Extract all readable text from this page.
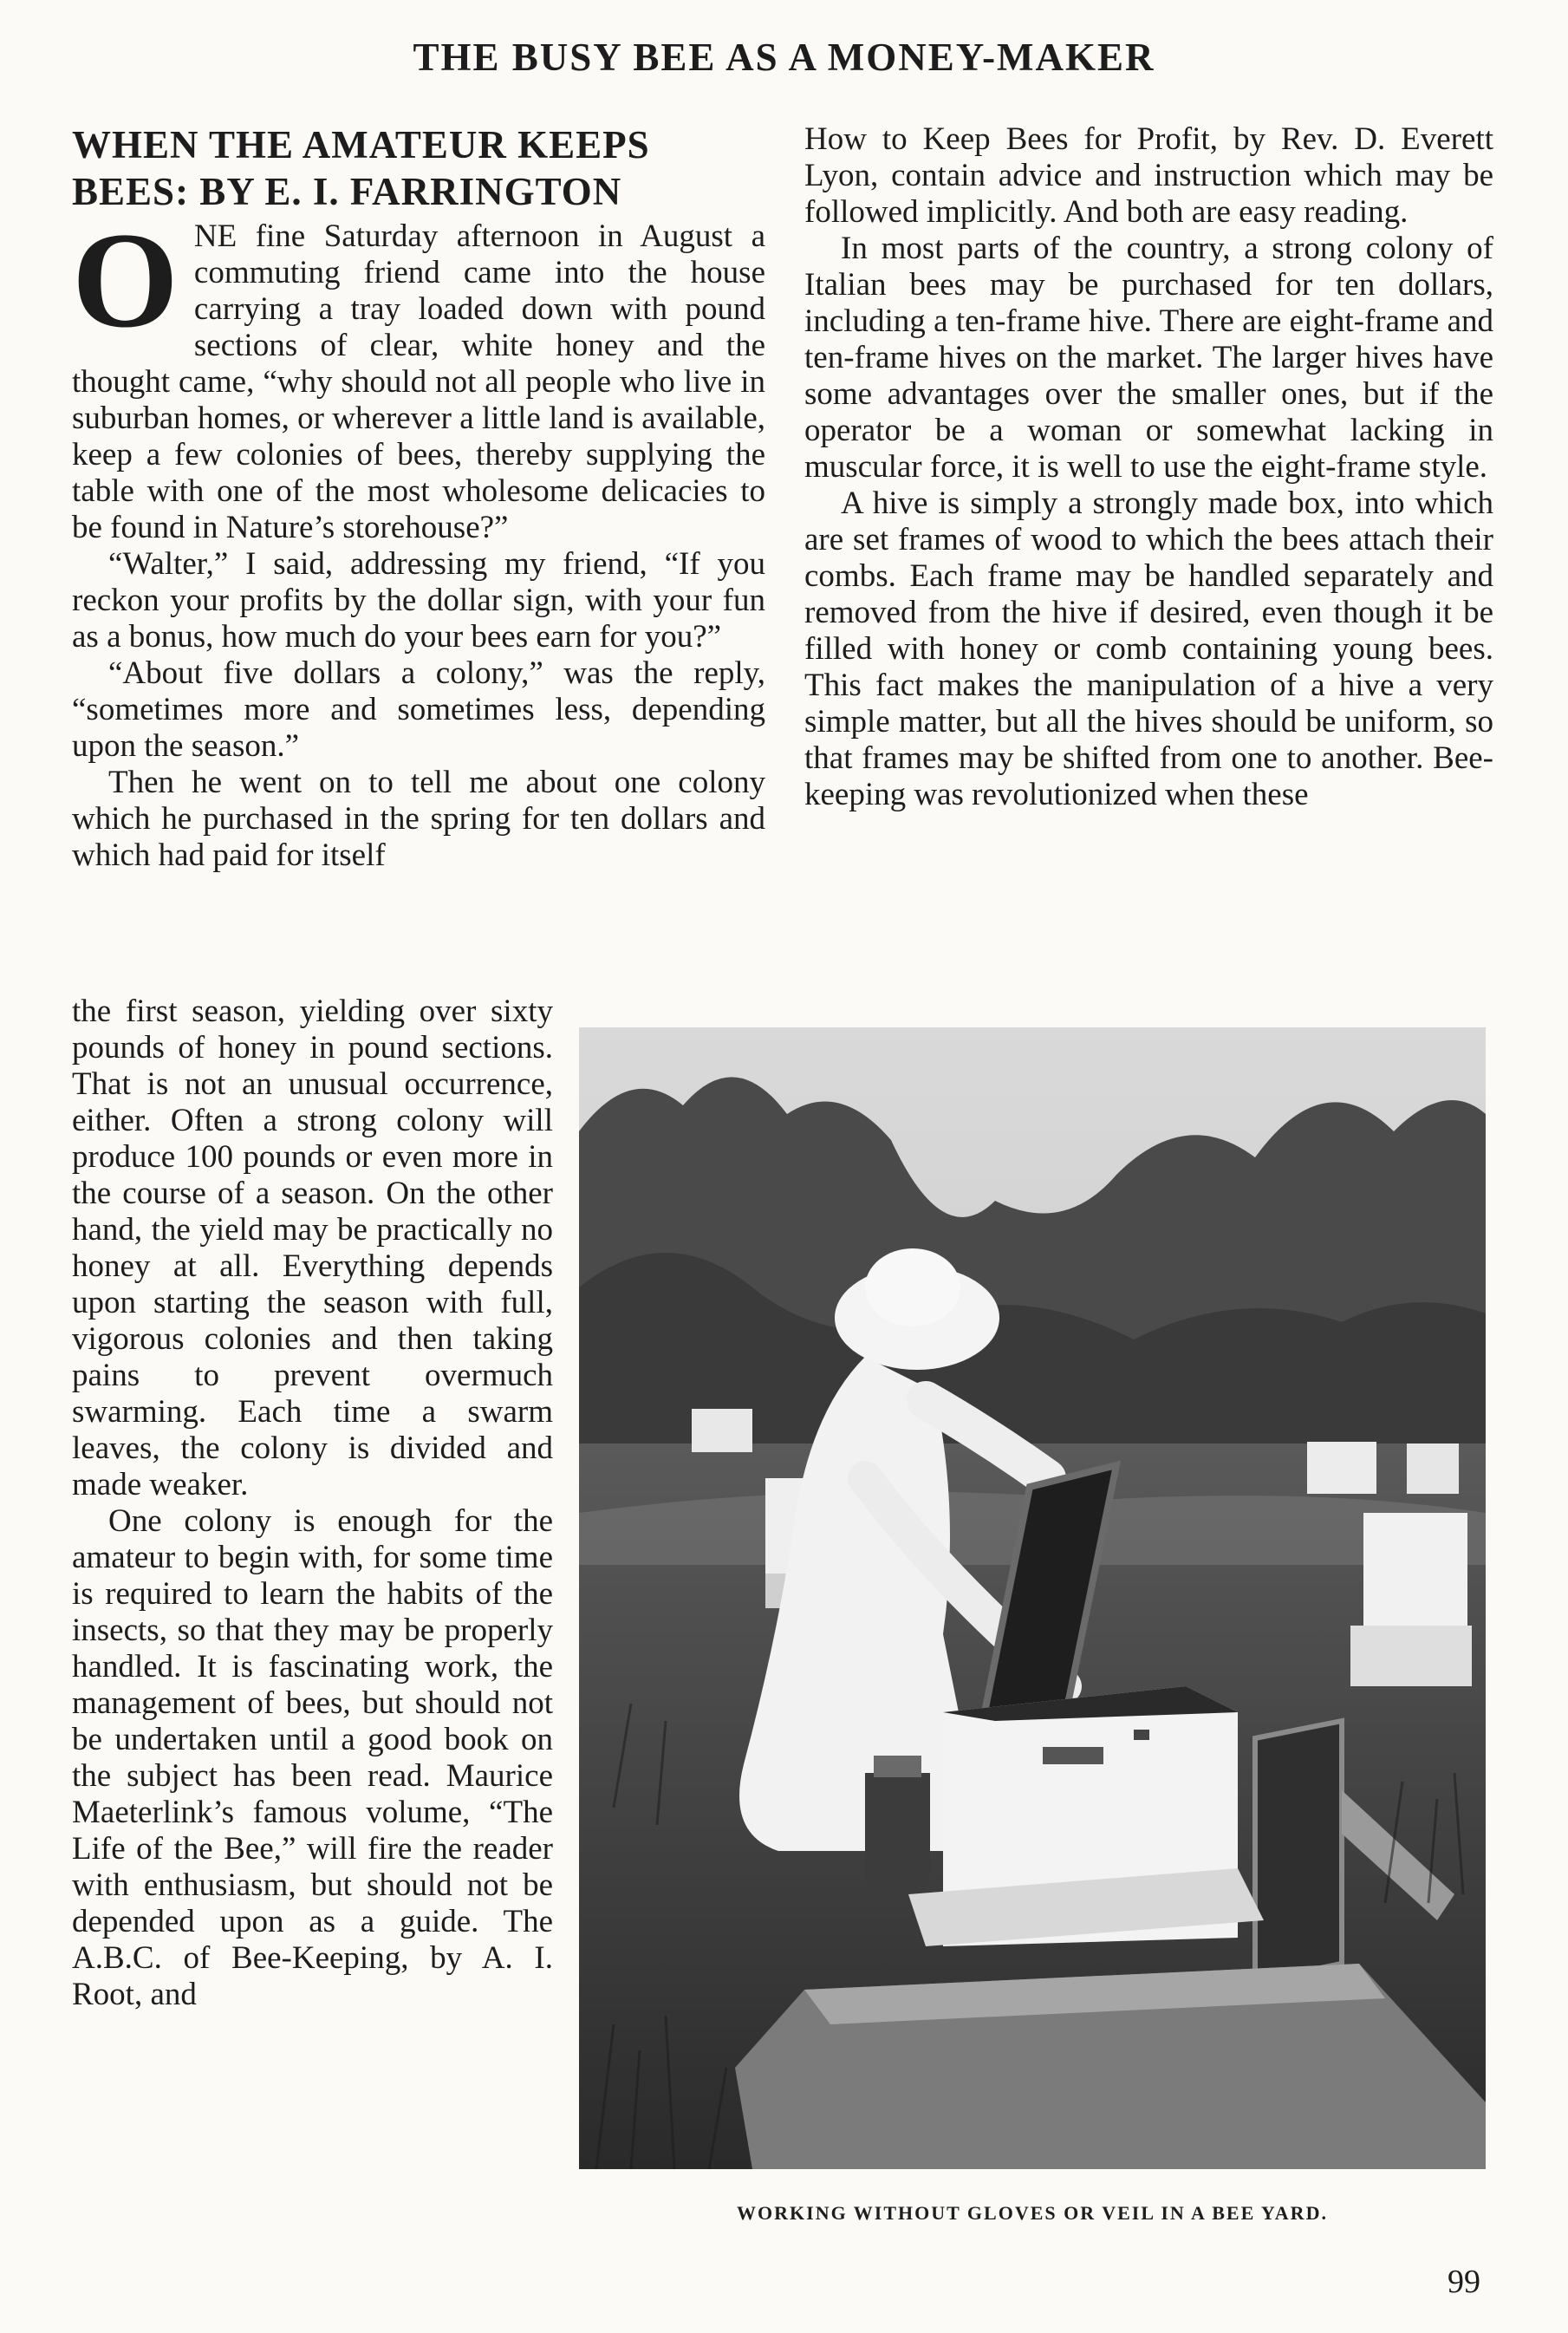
THE BUSY BEE AS A MONEY-MAKER
WHEN THE AMATEUR KEEPS
BEES: BY E. I. FARRINGTON

ONE fine Saturday afternoon in August a commuting friend came into the house carrying a tray loaded down with pound sections of clear, white honey and the thought came, “why should not all people who live in suburban homes, or wherever a little land is available, keep a few colonies of bees, thereby supplying the table with one of the most wholesome delicacies to be found in Nature’s storehouse?”

“Walter,” I said, addressing my friend, “If you reckon your profits by the dollar sign, with your fun as a bonus, how much do your bees earn for you?”

“About five dollars a colony,” was the reply, “sometimes more and sometimes less, depending upon the season.”

Then he went on to tell me about one colony which he purchased in the spring for ten dollars and which had paid for itself

the first season, yielding over sixty pounds of honey in pound sections. That is not an unusual occurrence, either. Often a strong colony will produce 100 pounds or even more in the course of a season. On the other hand, the yield may be practically no honey at all. Everything depends upon starting the season with full, vigorous colonies and then taking pains to prevent overmuch swarming. Each time a swarm leaves, the colony is divided and made weaker.

One colony is enough for the amateur to begin with, for some time is required to learn the habits of the insects, so that they may be properly handled. It is fascinating work, the management of bees, but should not be undertaken until a good book on the subject has been read. Maurice Maeterlink’s famous volume, “The Life of the Bee,” will fire the reader with enthusiasm, but should not be depended upon as a guide. The A.B.C. of Bee-Keeping, by A. I. Root, and

How to Keep Bees for Profit, by Rev. D. Everett Lyon, contain advice and instruction which may be followed implicitly. And both are easy reading.

In most parts of the country, a strong colony of Italian bees may be purchased for ten dollars, including a ten-frame hive. There are eight-frame and ten-frame hives on the market. The larger hives have some advantages over the smaller ones, but if the operator be a woman or somewhat lacking in muscular force, it is well to use the eight-frame style.

A hive is simply a strongly made box, into which are set frames of wood to which the bees attach their combs. Each frame may be handled separately and removed from the hive if desired, even though it be filled with honey or comb containing young bees. This fact makes the manipulation of a hive a very simple matter, but all the hives should be uniform, so that frames may be shifted from one to another. Bee-keeping was revolutionized when these

WORKING WITHOUT GLOVES OR VEIL IN A BEE YARD.
99
